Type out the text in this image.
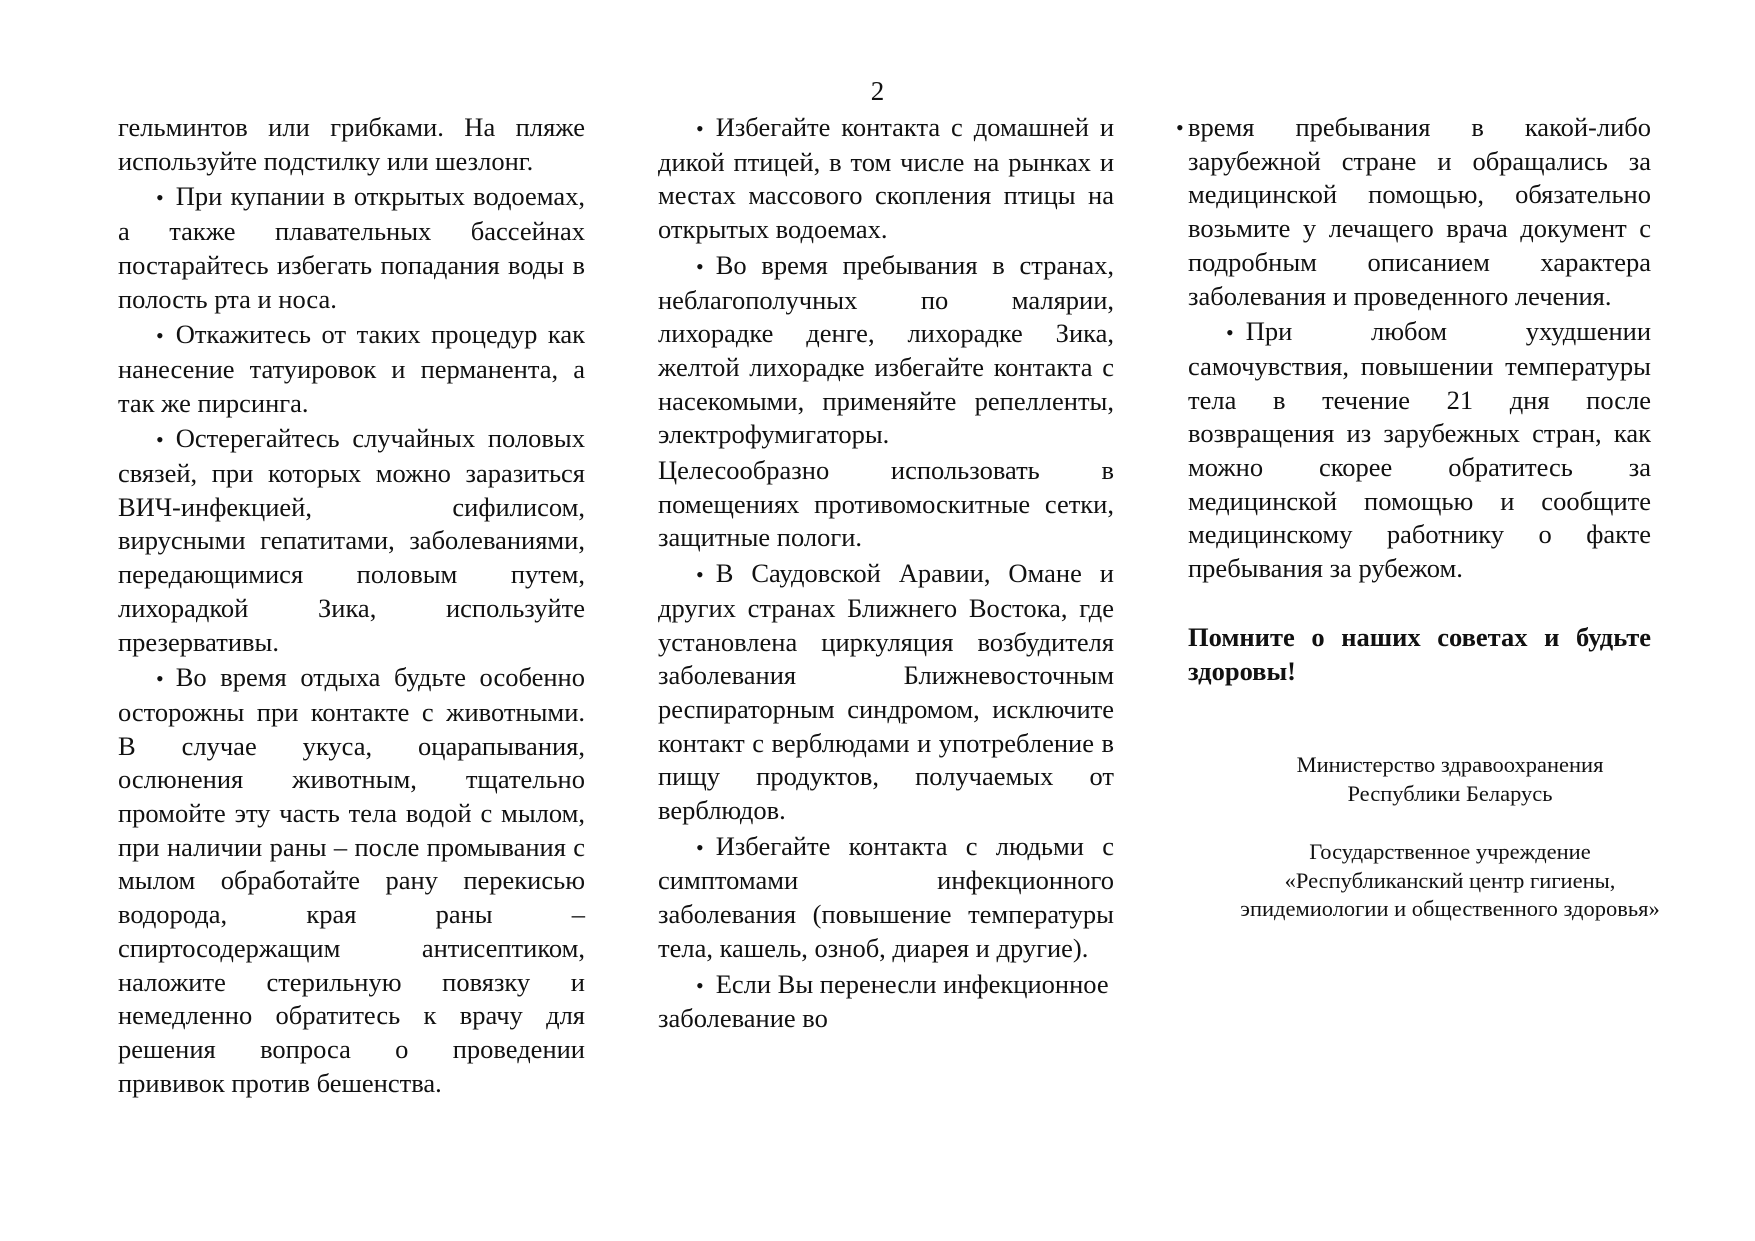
2

гельминтов или грибками. На пляже используйте подстилку или шезлонг.

• При купании в открытых водоемах, а также плавательных бассейнах постарайтесь избегать попадания воды в полость рта и носа.

• Откажитесь от таких процедур как нанесение татуировок и перманента, а так же пирсинга.

• Остерегайтесь случайных половых связей, при которых можно заразиться ВИЧ-инфекцией, сифилисом, вирусными гепатитами, заболеваниями, передающимися половым путем, лихорадкой Зика, используйте презервативы.

• Во время отдыха будьте особенно осторожны при контакте с животными. В случае укуса, оцарапывания, ослюнения животным, тщательно промойте эту часть тела водой с мылом, при наличии раны – после промывания с мылом обработайте рану перекисью водорода, края раны – спиртосодержащим антисептиком, наложите стерильную повязку и немедленно обратитесь к врачу для решения вопроса о проведении прививок против бешенства.

• Избегайте контакта с домашней и дикой птицей, в том числе на рынках и местах массового скопления птицы на открытых водоемах.

• Во время пребывания в странах, неблагополучных по малярии, лихорадке денге, лихорадке Зика, желтой лихорадке избегайте контакта с насекомыми, применяйте репелленты, электрофумигаторы.

Целесообразно использовать в помещениях противомоскитные сетки, защитные пологи.

• В Саудовской Аравии, Омане и других странах Ближнего Востока, где установлена циркуляция возбудителя заболевания Ближневосточным респираторным синдромом, исключите контакт с верблюдами и употребление в пищу продуктов, получаемых от верблюдов.

• Избегайте контакта с людьми с симптомами инфекционного заболевания (повышение температуры тела, кашель, озноб, диарея и другие).

• Если Вы перенесли инфекционное заболевание во

• время пребывания в какой-либо зарубежной стране и обращались за медицинской помощью, обязательно возьмите у лечащего врача документ с подробным описанием характера заболевания и проведенного лечения.

• При любом ухудшении самочувствия, повышении температуры тела в течение 21 дня после возвращения из зарубежных стран, как можно скорее обратитесь за медицинской помощью и сообщите медицинскому работнику о факте пребывания за рубежом.

Помните о наших советах и будьте здоровы!

Министерство здравоохранения
Республики Беларусь
Государственное учреждение
«Республиканский центр гигиены,
эпидемиологии и общественного здоровья»
